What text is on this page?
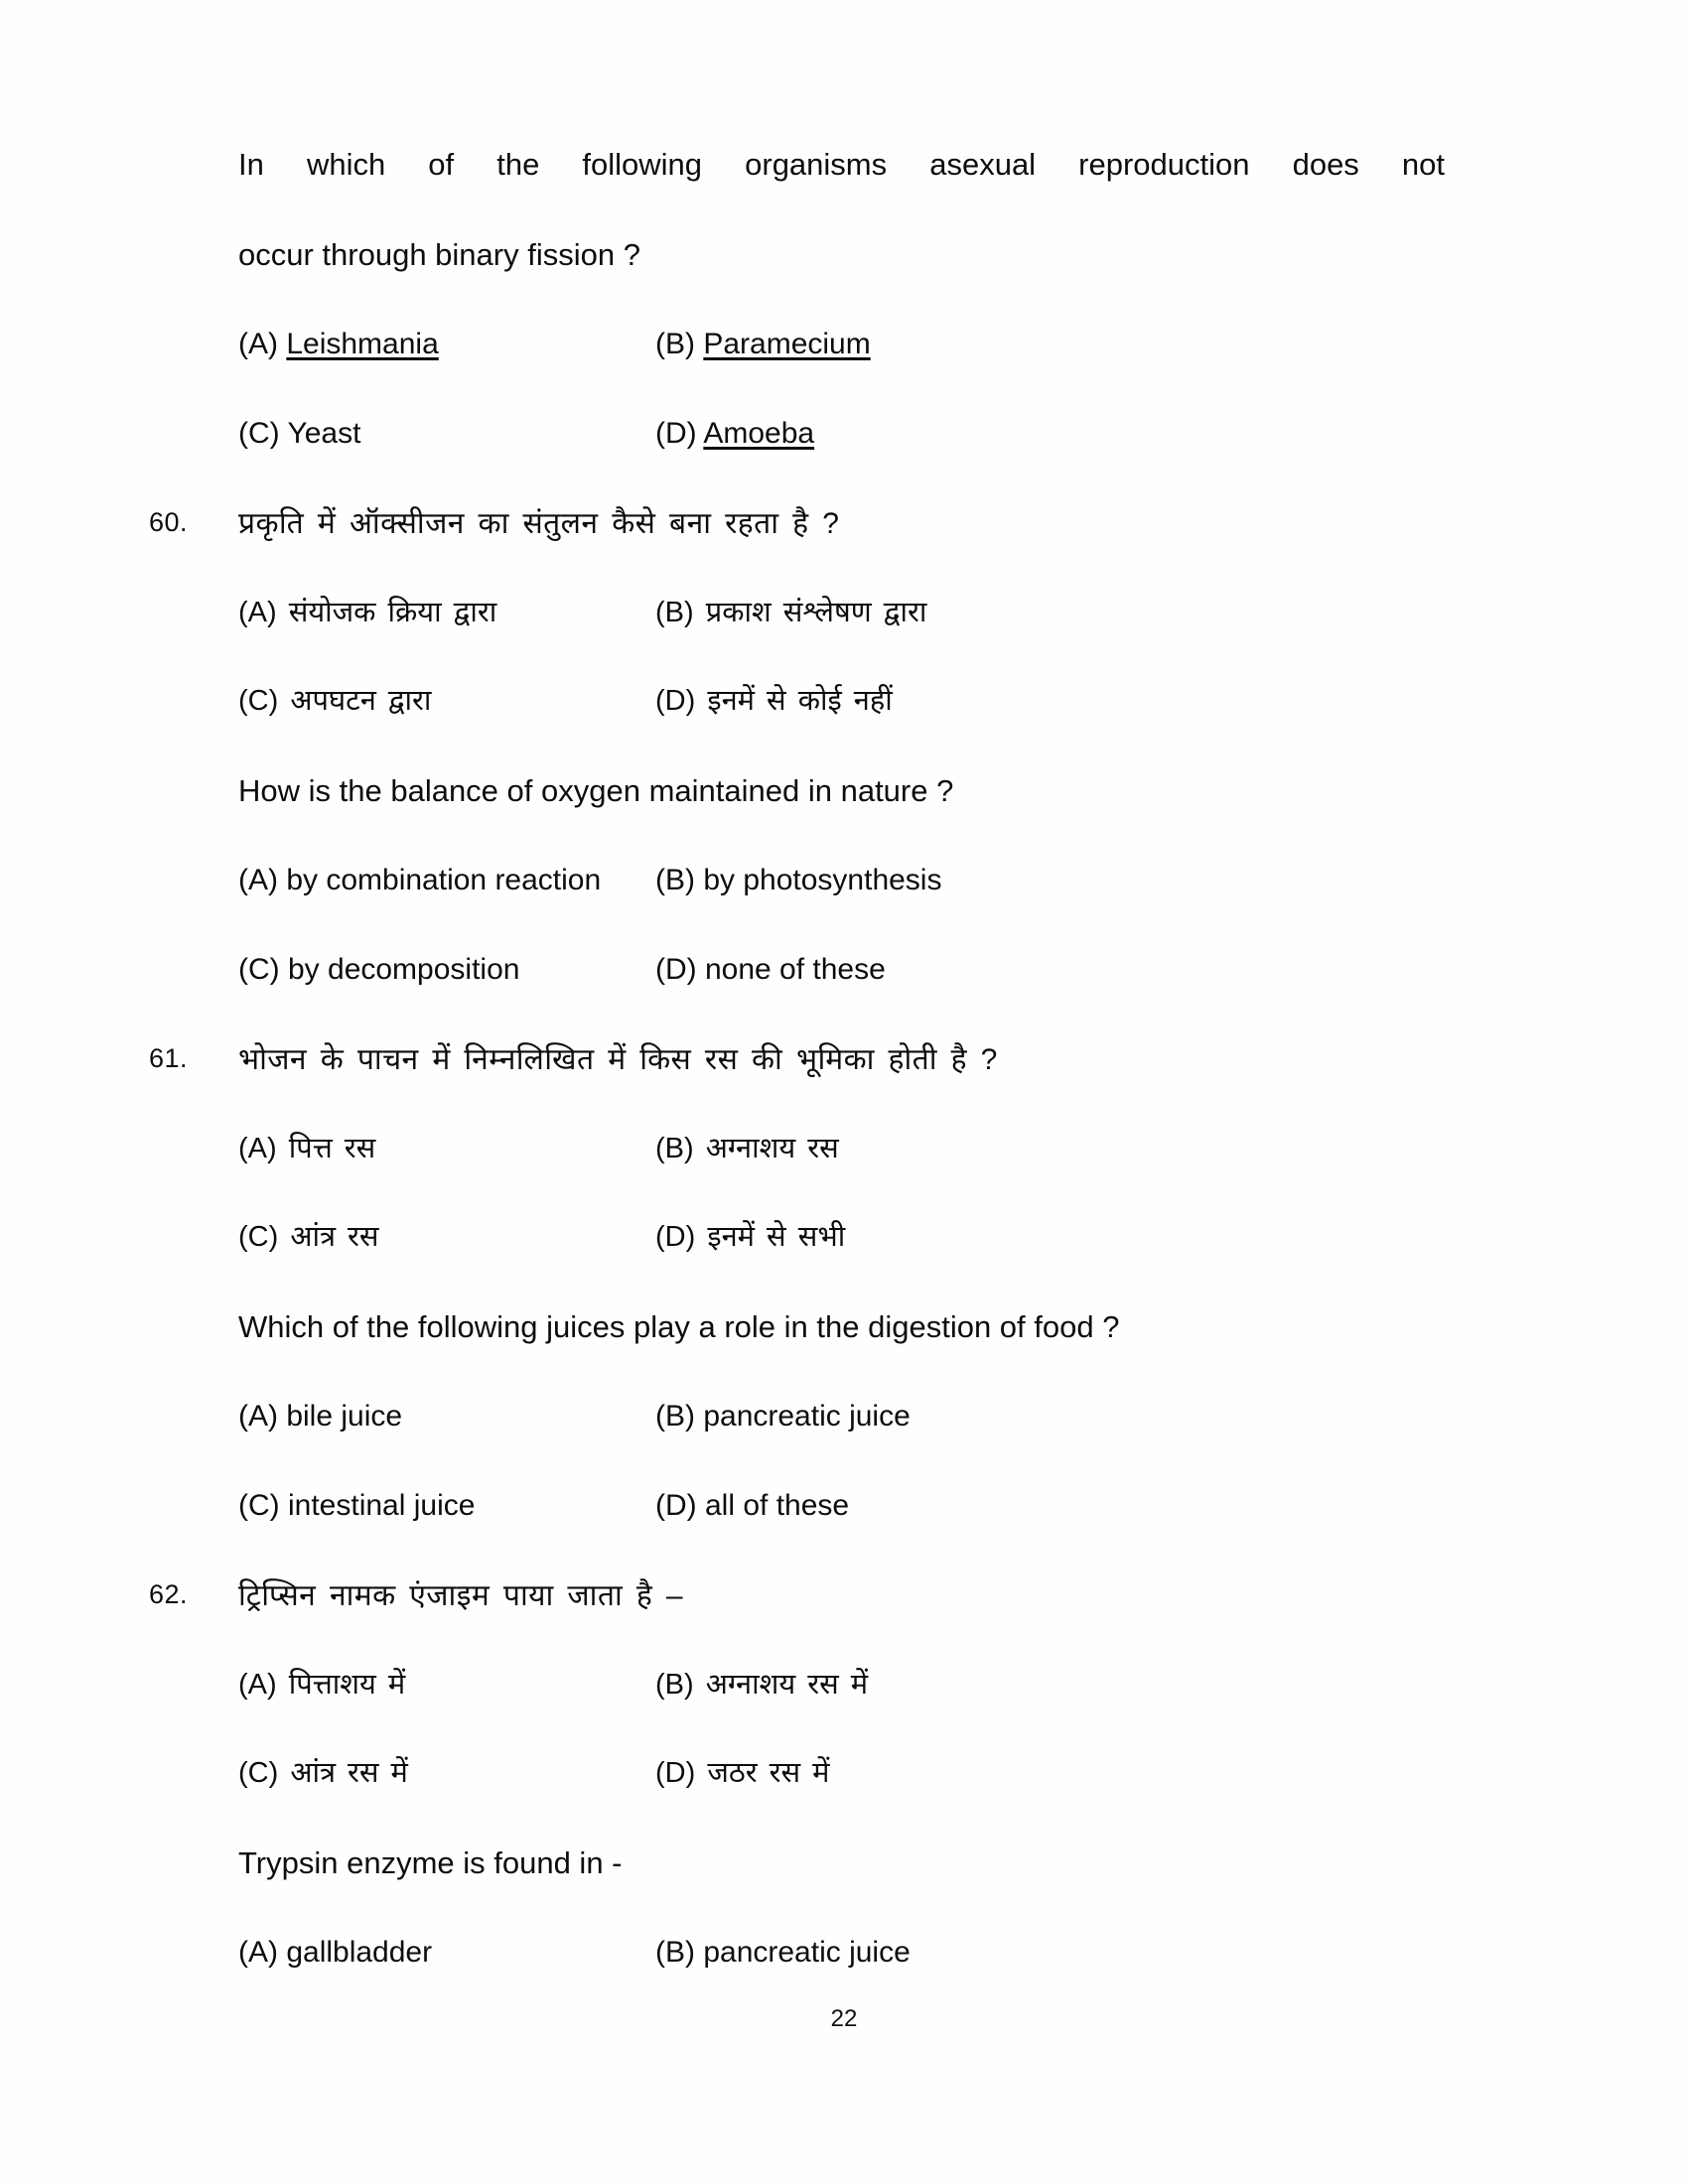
In which of the following organisms asexual reproduction does not
occur through binary fission ?
(A) Leishmania	(B) Paramecium
(C) Yeast	(D) Amoeba
60.	प्रकृति में ऑक्सीजन का संतुलन कैसे बना रहता है ?
(A) संयोजक क्रिया द्वारा	(B) प्रकाश संश्लेषण द्वारा
(C) अपघटन द्वारा	(D) इनमें से कोई नहीं
How is the balance of oxygen maintained in nature ?
(A) by combination reaction	(B) by photosynthesis
(C) by decomposition	(D) none of these
61.	भोजन के पाचन में निम्नलिखित में किस रस की भूमिका होती है ?
(A) पित्त रस	(B) अग्नाशय रस
(C) आंत्र रस	(D) इनमें से सभी
Which of the following juices play a role in the digestion of food ?
(A) bile juice	(B) pancreatic juice
(C) intestinal juice	(D) all of these
62.	ट्रिप्सिन नामक एंजाइम पाया जाता है –
(A) पित्ताशय में	(B) अग्नाशय रस में
(C) आंत्र रस में	(D) जठर रस में
Trypsin enzyme is found in -
(A) gallbladder	(B) pancreatic juice
22
